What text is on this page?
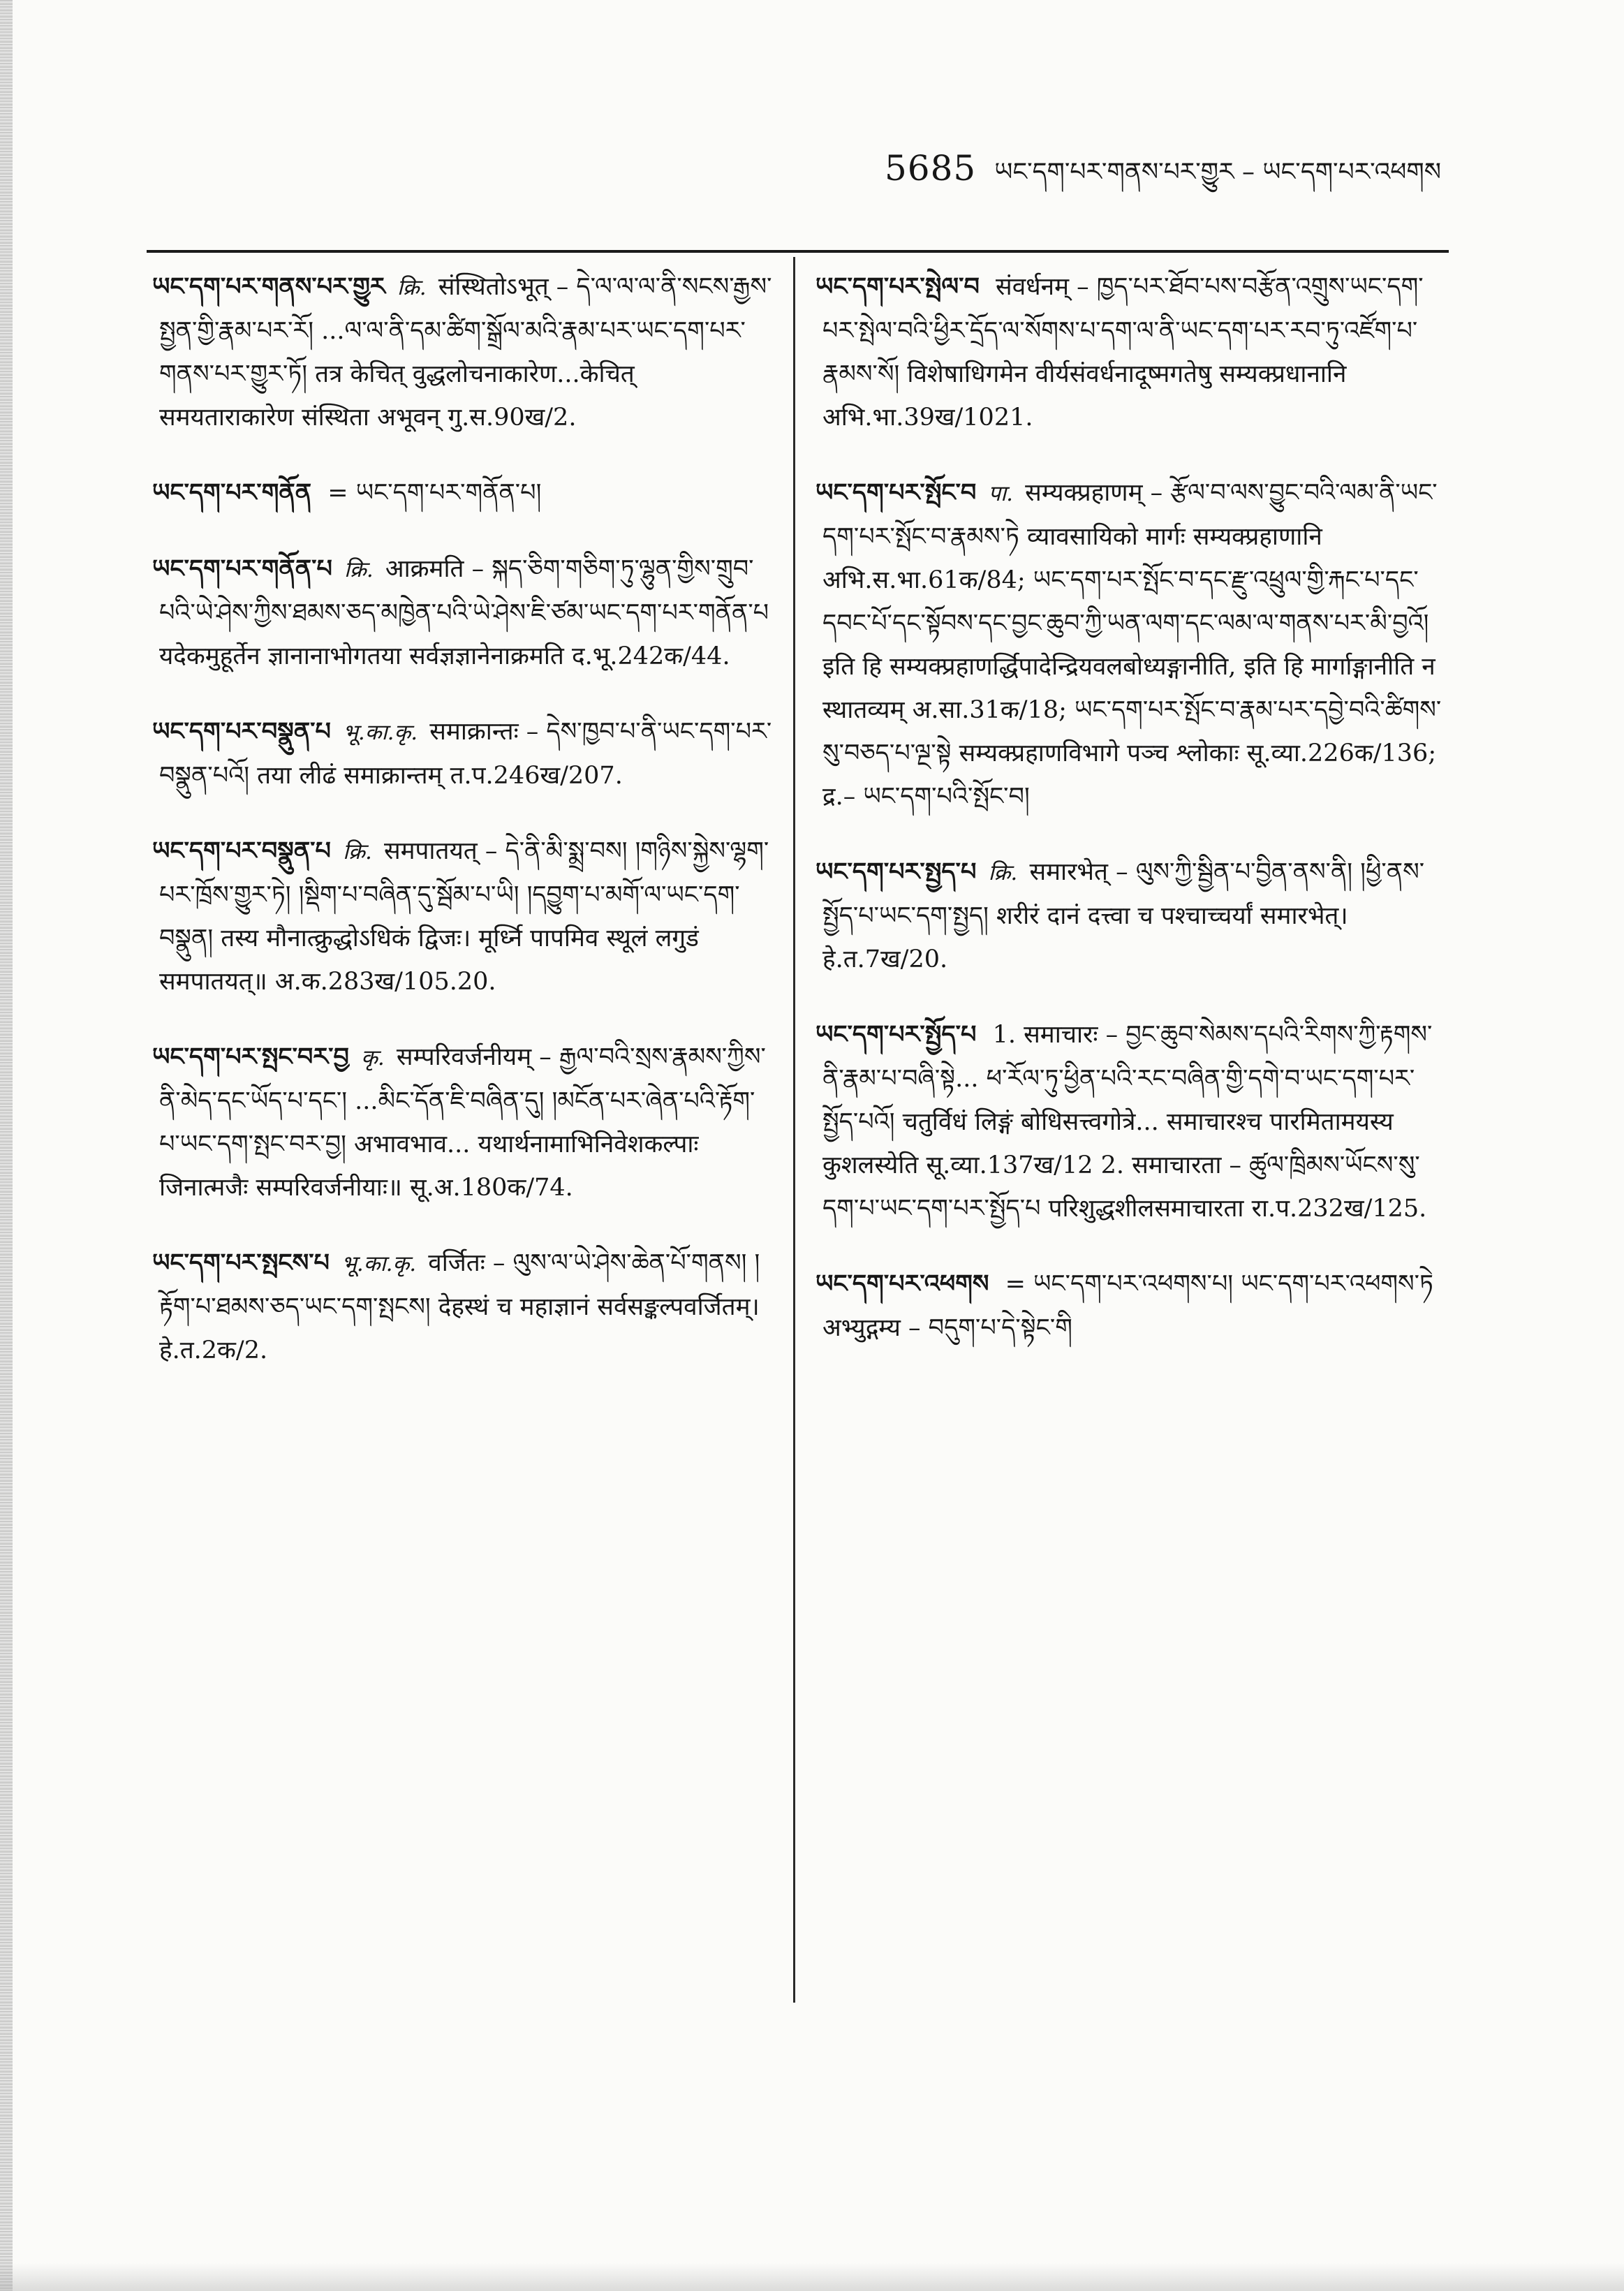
5685 ཡང་དག་པར་གནས་པར་གྱུར – ཡང་དག་པར་འཕགས
ཡང་དག་པར་གནས་པར་གྱུར क्रि. संस्थितोऽभूत् – དེ་ལ་ལ་ལ་ནི་སངས་རྒྱས་སྤྱན་གྱི་རྣམ་པར་རོ། ...ལ་ལ་ནི་དམ་ཚིག་སྒྲོལ་མའི་རྣམ་པར་ཡང་དག་པར་གནས་པར་གྱུར་ཏོ། तत्र केचित् वुद्धलोचनाकारेण...केचित् समयताराकारेण संस्थिता अभूवन् गु.स.90ख/2.
ཡང་དག་པར་གནོན = ཡང་དག་པར་གནོན་པ།
ཡང་དག་པར་གནོན་པ क्रि. आक्रमति – སྐད་ཅིག་གཅིག་ཏུ་ལྷུན་གྱིས་གྲུབ་པའི་ཡེ་ཤེས་ཀྱིས་ཐམས་ཅད་མཁྱེན་པའི་ཡེ་ཤེས་ཇི་ཙམ་ཡང་དག་པར་གནོན་པ यदेकमुहूर्तेन ज्ञानानाभोगतया सर्वज्ञज्ञानेनाक्रमति द.भू.242क/44.
ཡང་དག་པར་བསྣུན་པ भू.का.कृ. समाक्रान्तः – དེས་ཁྱབ་པ་ནི་ཡང་དག་པར་བསྣུན་པའོ། तया लीढं समाक्रान्तम् त.प.246ख/207.
ཡང་དག་པར་བསྣུན་པ क्रि. समपातयत् – དེ་ནི་མི་སྨྲ་བས། །གཉིས་སྐྱེས་ལྷག་པར་ཁྲོས་གྱུར་ཏེ། །སྡིག་པ་བཞིན་དུ་སྦོམ་པ་ཡི། །དབྱུག་པ་མགོ་ལ་ཡང་དག་བསྣུན། तस्य मौनात्क्रुद्धोऽधिकं द्विजः। मूर्ध्नि पापमिव स्थूलं लगुडं समपातयत्॥ अ.क.283ख/105.20.
ཡང་དག་པར་སྤང་བར་བྱ कृ. सम्परिवर्जनीयम् – རྒྱལ་བའི་སྲས་རྣམས་ཀྱིས་ནི་མེད་དང་ཡོད་པ་དང་། ...མིང་དོན་ཇི་བཞིན་དུ། །མངོན་པར་ཞེན་པའི་རྟོག་པ་ཡང་དག་སྤང་བར་བྱ། अभावभाव... यथार्थनामाभिनिवेशकल्पाः जिनात्मजैः सम्परिवर्जनीयाः॥ सू.अ.180क/74.
ཡང་དག་པར་སྤངས་པ भू.का.कृ. वर्जितः – ལུས་ལ་ཡེ་ཤེས་ཆེན་པོ་གནས། །རྟོག་པ་ཐམས་ཅད་ཡང་དག་སྤངས། देहस्थं च महाज्ञानं सर्वसङ्कल्पवर्जितम्। हे.त.2क/2.
ཡང་དག་པར་སྤེལ་བ संवर्धनम् – ཁྱད་པར་ཐོབ་པས་བརྩོན་འགྲུས་ཡང་དག་པར་སྤེལ་བའི་ཕྱིར་དྲོད་ལ་སོགས་པ་དག་ལ་ནི་ཡང་དག་པར་རབ་ཏུ་འཛོག་པ་རྣམས་སོ། विशेषाधिगमेन वीर्यसंवर्धनादूष्मगतेषु सम्यक्प्रधानानि अभि.भा.39ख/1021.
ཡང་དག་པར་སྤོང་བ पा. सम्यक्प्रहाणम् – རྩོལ་བ་ལས་བྱུང་བའི་ལམ་ནི་ཡང་དག་པར་སྤོང་བ་རྣམས་ཏེ व्यावसायिको मार्गः सम्यक्प्रहाणानि अभि.स.भा.61क/84; ཡང་དག་པར་སྤོང་བ་དང་རྫུ་འཕྲུལ་གྱི་རྐང་པ་དང་དབང་པོ་དང་སྟོབས་དང་བྱང་ཆུབ་ཀྱི་ཡན་ལག་དང་ལམ་ལ་གནས་པར་མི་བྱའོ། इति हि सम्यक्प्रहाणर्द्धिपादेन्द्रियवलबोध्यङ्गानीति, इति हि मार्गाङ्गानीति न स्थातव्यम् अ.सा.31क/18; ཡང་དག་པར་སྤོང་བ་རྣམ་པར་དབྱེ་བའི་ཚིགས་སུ་བཅད་པ་ལྔ་སྟེ सम्यक्प्रहाणविभागे पञ्च श्लोकाः सू.व्या.226क/136; द्र.– ཡང་དག་པའི་སྤོང་བ།
ཡང་དག་པར་སྤྱད་པ क्रि. समारभेत् – ལུས་ཀྱི་སྦྱིན་པ་བྱིན་ནས་ནི། །ཕྱི་ནས་སྤྱོད་པ་ཡང་དག་སྤྱད། शरीरं दानं दत्त्वा च पश्चाच्चर्यां समारभेत्। हे.त.7ख/20.
ཡང་དག་པར་སྤྱོད་པ 1. समाचारः – བྱང་ཆུབ་སེམས་དཔའི་རིགས་ཀྱི་རྟགས་ནི་རྣམ་པ་བཞི་སྟེ... ཕ་རོལ་ཏུ་ཕྱིན་པའི་རང་བཞིན་གྱི་དགེ་བ་ཡང་དག་པར་སྤྱོད་པའོ། चतुर्विधं लिङ्गं बोधिसत्त्वगोत्रे... समाचारश्च पारमितामयस्य कुशलस्येति सू.व्या.137ख/12 2. समाचारता – ཚུལ་ཁྲིམས་ཡོངས་སུ་དག་པ་ཡང་དག་པར་སྤྱོད་པ परिशुद्धशीलसमाचारता रा.प.232ख/125.
ཡང་དག་པར་འཕགས = ཡང་དག་པར་འཕགས་པ། ཡང་དག་པར་འཕགས་ཏེ अभ्युद्गम्य – བདུག་པ་དེ་སྟེང་གི
